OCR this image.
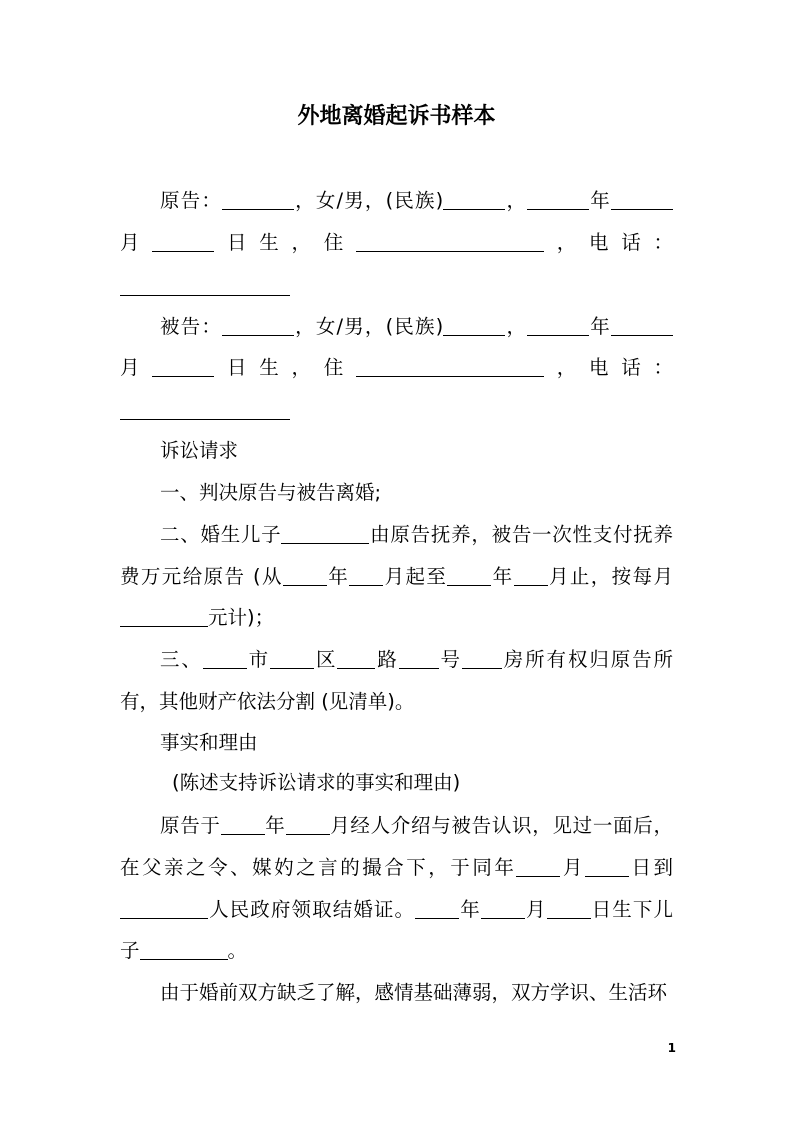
外地离婚起诉书样本
原告：	，女/男，(民族)	，	年
月	日生，住	，电话：
被告：	，女/男，(民族)	，	年
月	日生，住	，电话：
诉讼请求
一、判决原告与被告离婚;
二、婚生儿子	由原告抚养，被告一次性支付抚养
费万元给原告 (从 年 月起至 年 月止，按每月
元计)；
三、 市 区 路 号 房所有权归原告所
有，其他财产依法分割 (见清单)。
事实和理由
(陈述支持诉讼请求的事实和理由)
原告于 年 月经人介绍与被告认识，见过一面后，
在父亲之令、媒妁之言的撮合下，于同年 月 日到
人民政府领取结婚证。 年 月 日生下儿
子	。
由于婚前双方缺乏了解，感情基础薄弱，双方学识、生活环
1
